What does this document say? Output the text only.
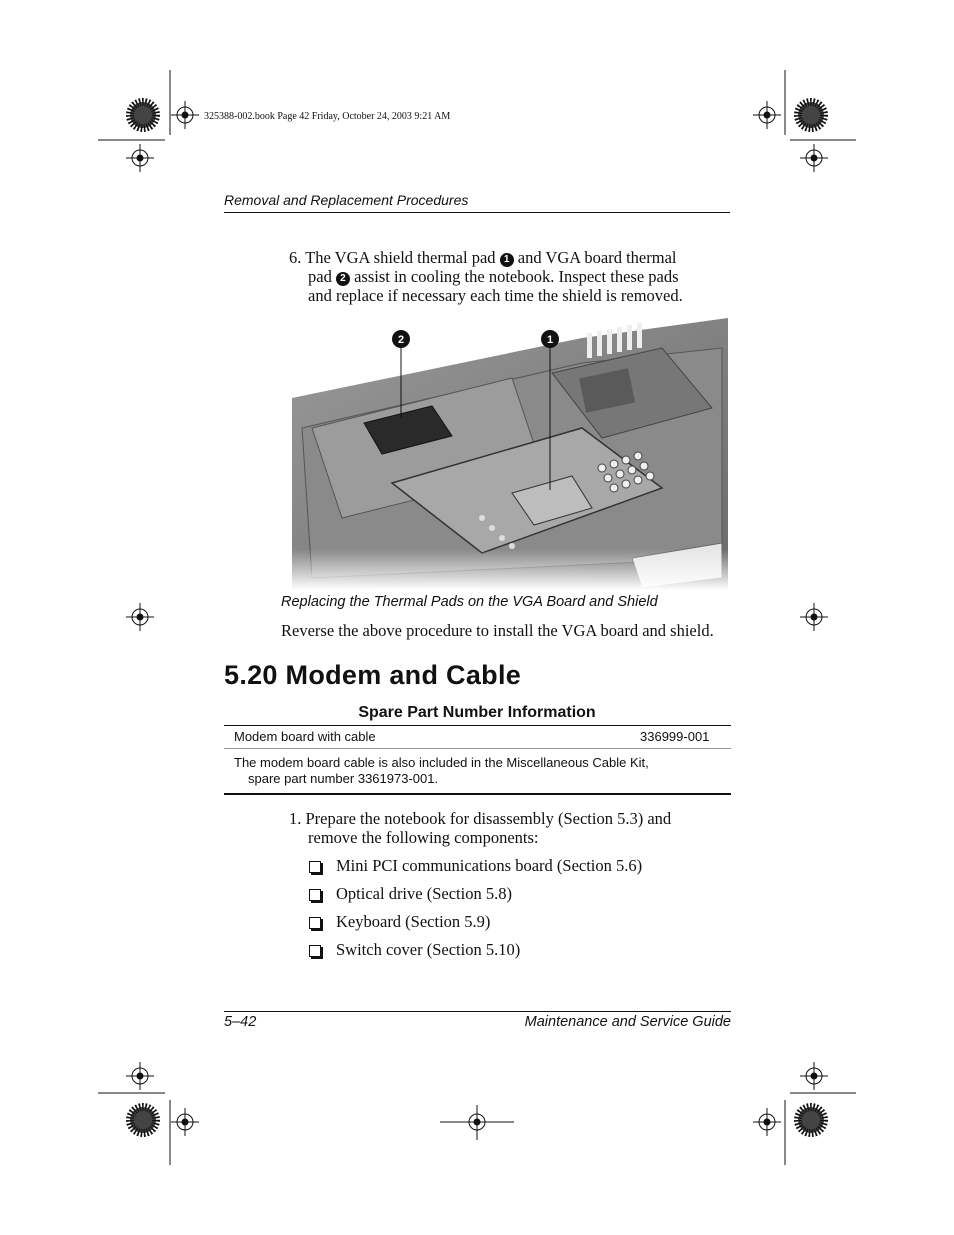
325388-002.book Page 42 Friday, October 24, 2003 9:21 AM
Removal and Replacement Procedures
6. The VGA shield thermal pad 1 and VGA board thermal
pad 2 assist in cooling the notebook. Inspect these pads
and replace if necessary each time the shield is removed.
2	1
Replacing the Thermal Pads on the VGA Board and Shield
Reverse the above procedure to install the VGA board and shield.
5.20 Modem and Cable
Spare Part Number Information
Modem board with cable	336999-001
The modem board cable is also included in the Miscellaneous Cable Kit,
spare part number 3361973-001.
1. Prepare the notebook for disassembly (Section 5.3) and
remove the following components:
Mini PCI communications board (Section 5.6)
Optical drive (Section 5.8)
Keyboard (Section 5.9)
Switch cover (Section 5.10)
5–42	Maintenance and Service Guide
